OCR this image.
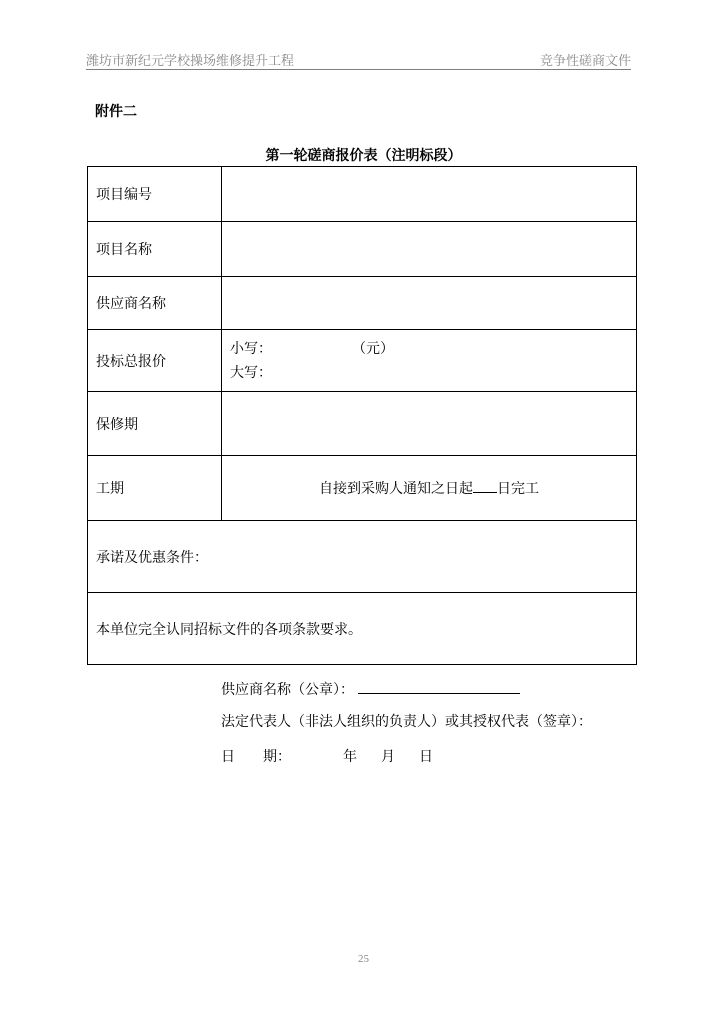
潍坊市新纪元学校操场维修提升工程	竞争性磋商文件
附件二
第一轮磋商报价表（注明标段）
项目编号	
项目名称	
供应商名称	
投标总报价	小写： （元）
大写：

保修期	
工期	自接到采购人通知之日起 日完工
承诺及优惠条件：	
本单位完全认同招标文件的各项条款要求。	
供应商名称（公章）：
法定代表人（非法人组织的负责人）或其授权代表（签章）：
日　　期：	年 月 日
25
